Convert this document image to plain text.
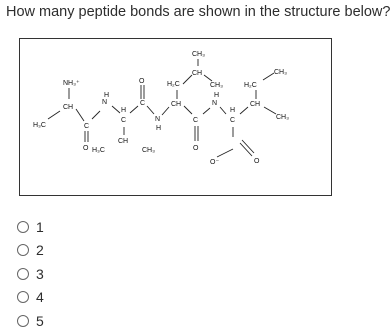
How many peptide bonds are shown in the structure below?
H₃C
CH
NH₃⁺
C
O
N
H
C
H
CH
H₃C	CH₃
C
O
N
H
CH
H₂C
CH
CH₃
CH₃
C
O
N
H
C
H
CH
H₂C
CH₃
CH₃
O⁻	O
1
2
3
4
5
